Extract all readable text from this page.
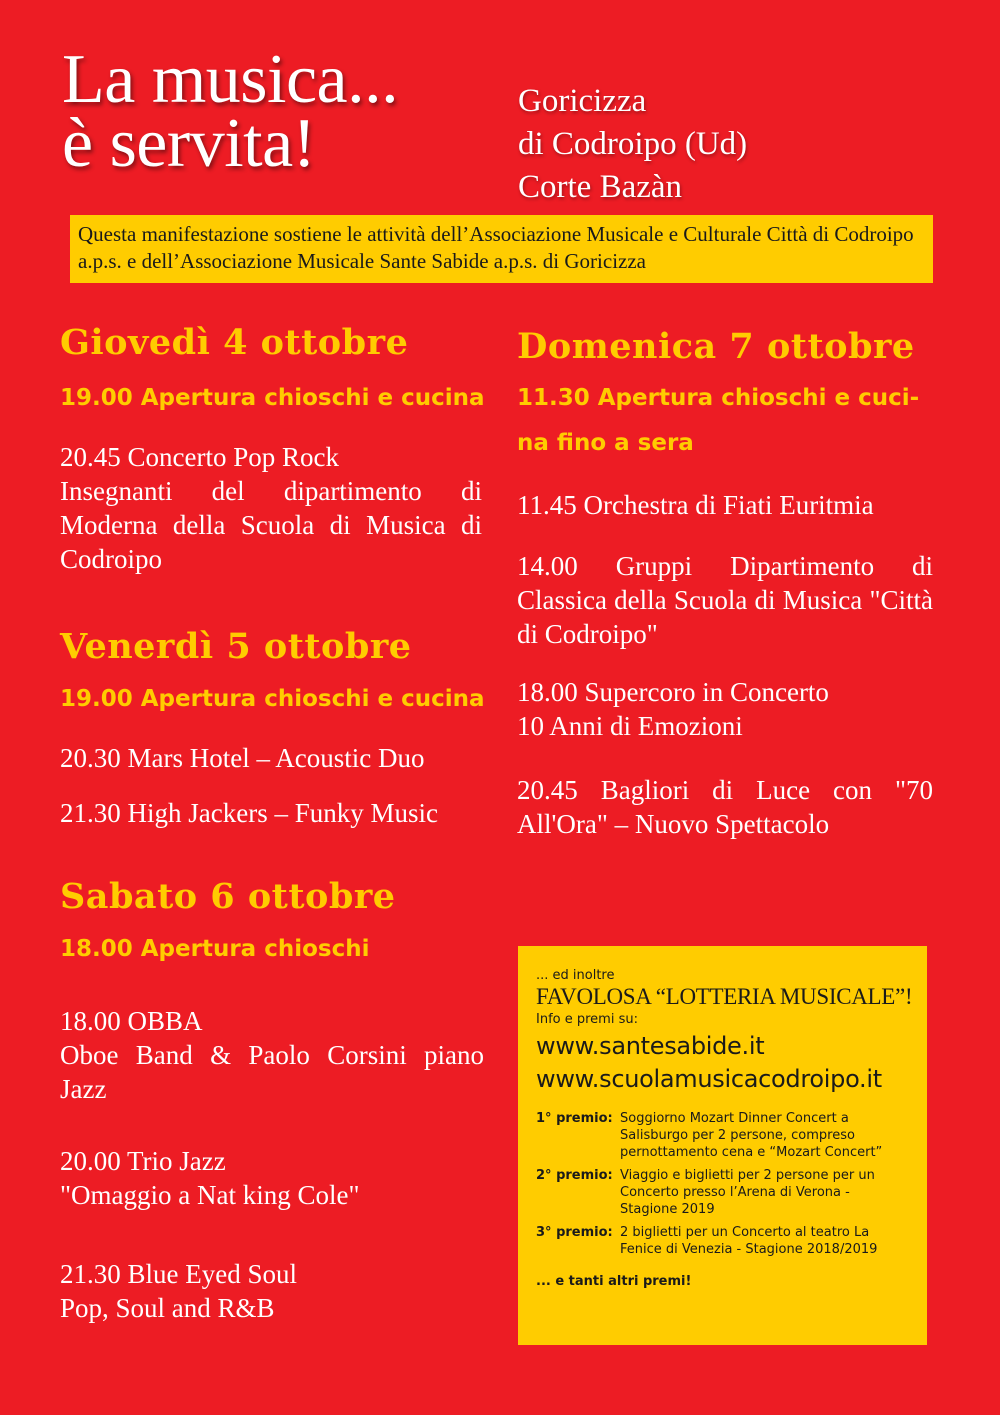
La musica...
è servita!
Goricizza
di Codroipo (Ud)
Corte Bazàn
Questa manifestazione sostiene le attività dell’Associazione Musicale e Culturale Città di Codroipo a.p.s. e dell’Associazione Musicale Sante Sabide a.p.s. di Goricizza
Giovedì 4 ottobre
19.00 Apertura chioschi e cucina
20.45 Concerto Pop Rock
Insegnanti del dipartimento di Moderna della Scuola di Musica di Codroipo
Venerdì 5 ottobre
19.00 Apertura chioschi e cucina
20.30 Mars Hotel – Acoustic Duo
21.30 High Jackers – Funky Music
Sabato 6 ottobre
18.00 Apertura chioschi
18.00 OBBA
Oboe Band & Paolo Corsini piano Jazz
20.00 Trio Jazz
"Omaggio a Nat king Cole"
21.30 Blue Eyed Soul
Pop, Soul and R&B
Domenica 7 ottobre
11.30 Apertura chioschi e cuci-
na fino a sera
11.45 Orchestra di Fiati Euritmia
14.00 Gruppi Dipartimento di Classica della Scuola di Musica "Città di Codroipo"
18.00 Supercoro in Concerto
10 Anni di Emozioni
20.45 Bagliori di Luce con "70 All'Ora" – Nuovo Spettacolo
... ed inoltre
FAVOLOSA “LOTTERIA MUSICALE”!
Info e premi su:
www.santesabide.it
www.scuolamusicacodroipo.it
1° premio: Soggiorno Mozart Dinner Concert a Salisburgo per 2 persone, compreso pernottamento cena e “Mozart Concert”
2° premio: Viaggio e biglietti per 2 persone per un Concerto presso l’Arena di Verona - Stagione 2019
3° premio: 2 biglietti per un Concerto al teatro La Fenice di Venezia - Stagione 2018/2019
... e tanti altri premi!
